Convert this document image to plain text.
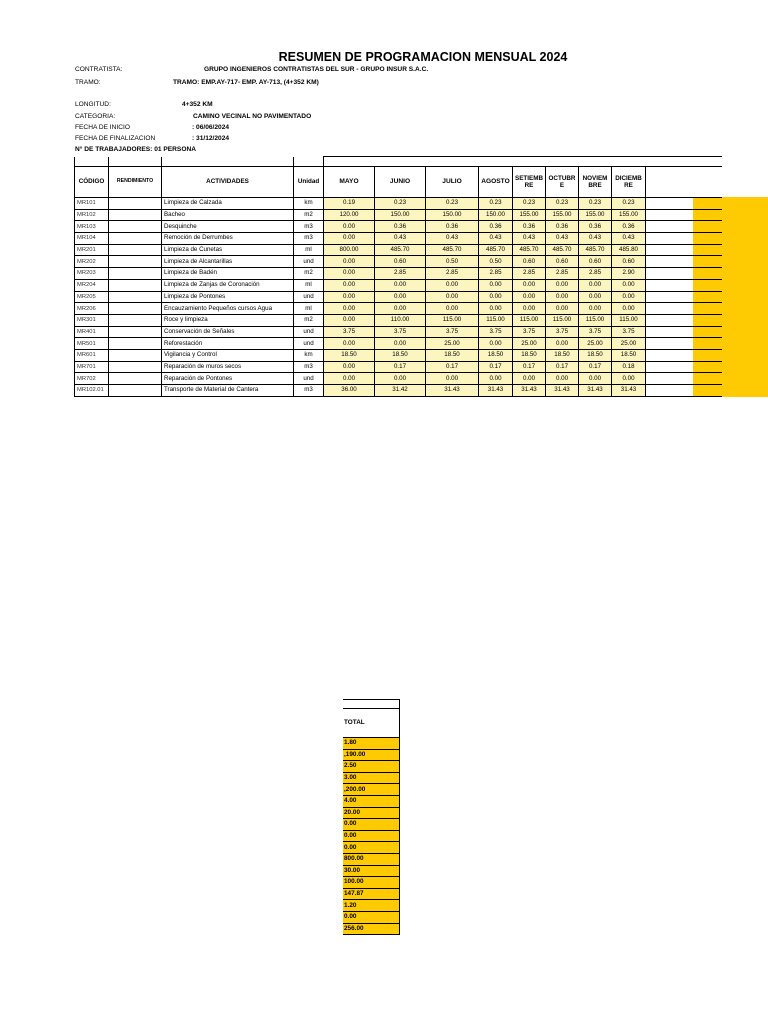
RESUMEN DE PROGRAMACION MENSUAL 2024
CONTRATISTA:	GRUPO INGENIEROS CONTRATISTAS DEL SUR - GRUPO INSUR S.A.C.
TRAMO:	TRAMO: EMP.AY-717- EMP. AY-713, (4+352 KM)
LONGITUD:	4+352 KM
CATEGORIA:	CAMINO VECINAL NO PAVIMENTADO
FECHA DE INICIO	: 06/06/2024
FECHA DE FINALIZACION	: 31/12/2024
N° DE TRABAJADORES: 01 PERSONA

CÓDIGO	RENDIMIENTO	ACTIVIDADES	Unidad	MAYO	JUNIO	JULIO	AGOSTO	SETIEMB RE	OCTUBR E	NOVIEM BRE	DICIEMB RE	
MR101		Limpieza de Calzada	km	0.19	0.23	0.23	0.23	0.23	0.23	0.23	0.23	
MR102		Bacheo	m2	120.00	150.00	150.00	150.00	155.00	155.00	155.00	155.00	
MR103		Desquinche	m3	0.00	0.36	0.36	0.36	0.36	0.36	0.36	0.36	
MR104		Remoción de Derrumbes	m3	0.00	0.43	0.43	0.43	0.43	0.43	0.43	0.43	
MR201		Limpieza de Cunetas	ml	800.00	485.70	485.70	485.70	485.70	485.70	485.70	485.80	
MR202		Limpieza de Alcantarillas	und	0.00	0.60	0.50	0.50	0.60	0.60	0.60	0.60	
MR203		Limpieza de Badén	m2	0.00	2.85	2.85	2.85	2.85	2.85	2.85	2.90	
MR204		Limpieza de Zanjas de Coronación	ml	0.00	0.00	0.00	0.00	0.00	0.00	0.00	0.00	
MR205		Limpieza de Pontones	und	0.00	0.00	0.00	0.00	0.00	0.00	0.00	0.00	
MR206		Encauzamiento Pequeños cursos Agua	ml	0.00	0.00	0.00	0.00	0.00	0.00	0.00	0.00	
MR301		Roce y limpieza	m2	0.00	110.00	115.00	115.00	115.00	115.00	115.00	115.00	
MR401		Conservación de Señales	und	3.75	3.75	3.75	3.75	3.75	3.75	3.75	3.75	
MR501		Reforestación	und	0.00	0.00	25.00	0.00	25.00	0.00	25.00	25.00	
MR601		Vigilancia y Control	km	18.50	18.50	18.50	18.50	18.50	18.50	18.50	18.50	
MR701		Reparación de muros secos	m3	0.00	0.17	0.17	0.17	0.17	0.17	0.17	0.18	
MR702		Reparación de Pontones	und	0.00	0.00	0.00	0.00	0.00	0.00	0.00	0.00	
MR102.01		Transporte de Material de Cantera	m3	36.00	31.42	31.43	31.43	31.43	31.43	31.43	31.43	

TOTAL
1.80
,190.00
2.50
3.00
,200.00
4.00
20.00
0.00
0.00
0.00
800.00
30.00
100.00
147.87
1.20
0.00
256.00
